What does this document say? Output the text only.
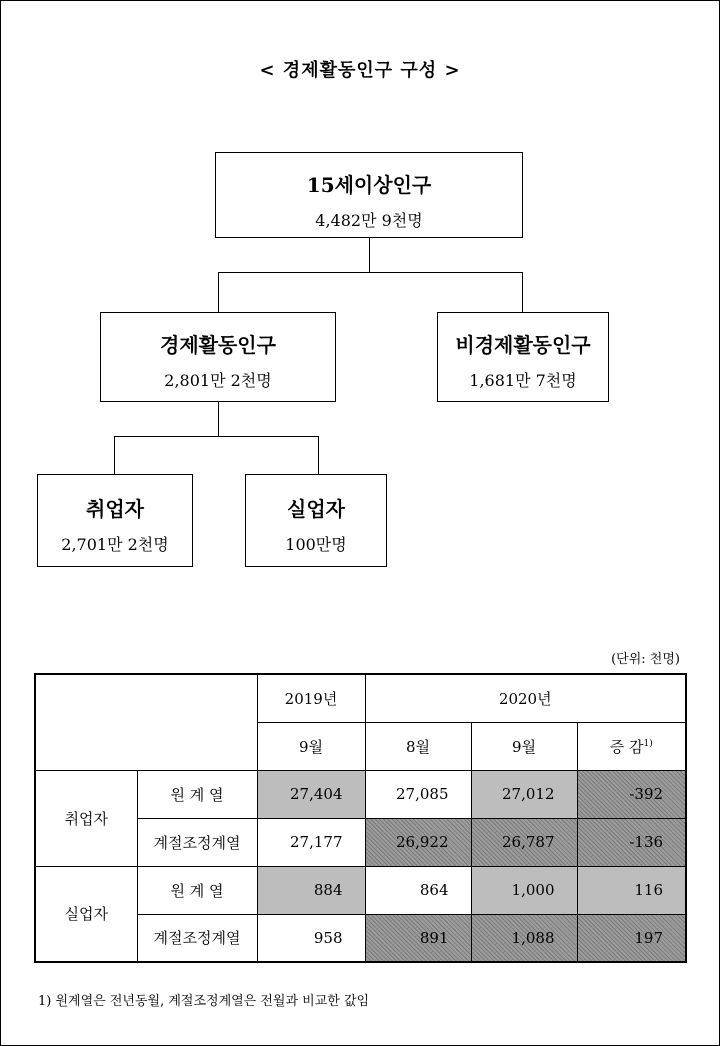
< 경제활동인구 구성 >
15세이상인구
4,482만 9천명
경제활동인구
2,801만 2천명
비경제활동인구
1,681만 7천명
취업자
2,701만 2천명
실업자
100만명
(단위: 천명)
		2019년	2020년		
		9월	8월	9월	증 감$^{1)}$
취업자	원 계 열	27,404	27,085	27,012	-392
	계절조정계열	27,177	26,922	26,787	-136
실업자	원 계 열	884	864	1,000	116
	계절조정계열	958	891	1,088	197
1) 원계열은 전년동월, 계절조정계열은 전월과 비교한 값임
